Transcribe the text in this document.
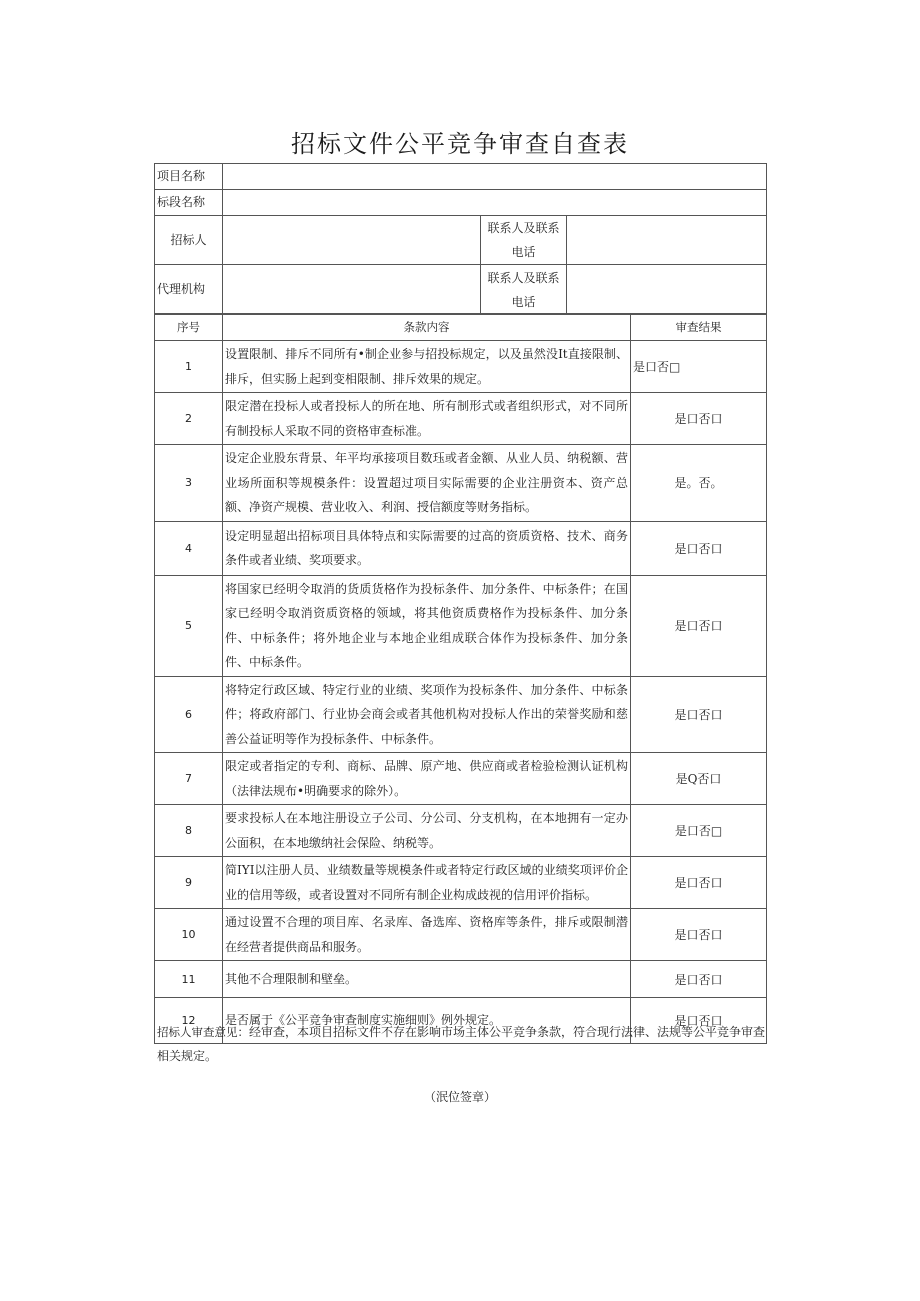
招标文件公平竞争审查自查表
项目名称			
标段名称			
招标人		联系人及联系电话	
代理机构		联系人及联系电话	
序号	条款内容	审查结果
1	设置限制、排斥不同所有•制企业参与招投标规定，以及虽然没It直接限制、排斥，但实肠上起到变相限制、排斥效果的规定。	是口否□
2	限定潜在投标人或者投标人的所在地、所有制形式或者组织形式，对不同所有制投标人采取不同的资格审查标准。	是口否口
3	设定企业股东背景、年平均承接项目数珏或者金额、从业人员、纳税额、营业场所面积等规模条件：设置超过项目实际需要的企业注册资本、资产总额、净资产规模、营业收入、利润、授信额度等财务指标。	是。否。
4	设定明显超出招标项目具体特点和实际需要的过高的资质资格、技术、商务条件或者业绩、奖项要求。	是口否口
5	将国家已经明令取消的货质货格作为投标条件、加分条件、中标条件；在国家已经明令取消资质资格的领域，将其他资质费格作为投标条件、加分条件、中标条件；将外地企业与本地企业组成联合体作为投标条件、加分条件、中标条件。	是口否口
6	将特定行政区域、特定行业的业绩、奖项作为投标条件、加分条件、中标条件；将政府部门、行业协会商会或者其他机构对投标人作出的荣誉奖励和慈善公益证明等作为投标条件、中标条件。	是口否口
7	限定或者指定的专利、商标、品牌、原产地、供应商或者检验检测认证机构（法律法规布•明确要求的除外）。	是Q否口
8	要求投标人在本地注册设立子公司、分公司、分支机构，在本地拥有一定办公面积，在本地缴纳社会保险、纳税等。	是口否□
9	简IYI以注册人员、业绩数量等规模条件或者特定行政区域的业绩奖项评价企业的信用等级，或者设置对不同所有制企业构成歧视的信用评价指标。	是口否口
10	通过设置不合理的项目库、名录库、备选库、资格库等条件，排斥或限制潜在经营者提供商品和服务。	是口否口
11	其他不合理限制和壁垒。	是口否口
12	是否属于《公平竞争审查制度实施细则》例外规定。	是口否口
招标人审查意见：经审查，本项目招标文件不存在影响市场主体公平竞争条款，符合现行法律、法规等公平竞争审查相关规定。
（泯位签章）
